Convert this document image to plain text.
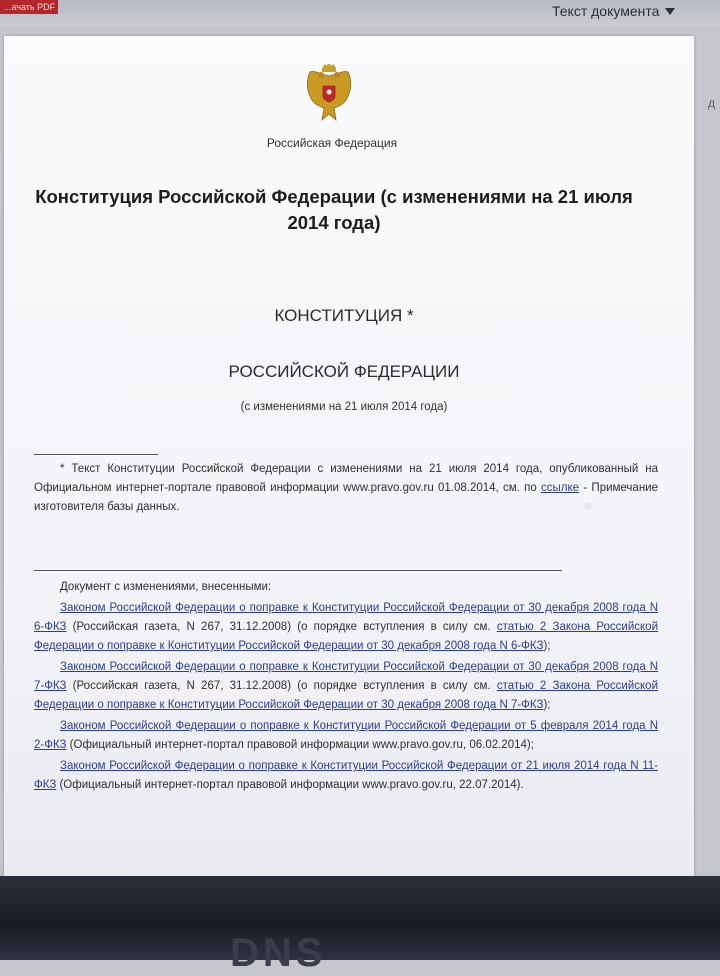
...ачать PDF	Текст документа
д
Российская Федерация
Конституция Российской Федерации (с изменениями на 21 июля 2014 года)
КОНСТИТУЦИЯ *
РОССИЙСКОЙ ФЕДЕРАЦИИ
(с изменениями на 21 июля 2014 года)
* Текст Конституции Российской Федерации с изменениями на 21 июля 2014 года, опубликованный на Официальном интернет-портале правовой информации www.pravo.gov.ru 01.08.2014, см. по ссылке - Примечание изготовителя базы данных.
Документ с изменениями, внесенными:
Законом Российской Федерации о поправке к Конституции Российской Федерации от 30 декабря 2008 года N 6-ФКЗ (Российская газета, N 267, 31.12.2008) (о порядке вступления в силу см. статью 2 Закона Российской Федерации о поправке к Конституции Российской Федерации от 30 декабря 2008 года N 6-ФКЗ);
Законом Российской Федерации о поправке к Конституции Российской Федерации от 30 декабря 2008 года N 7-ФКЗ (Российская газета, N 267, 31.12.2008) (о порядке вступления в силу см. статью 2 Закона Российской Федерации о поправке к Конституции Российской Федерации от 30 декабря 2008 года N 7-ФКЗ);
Законом Российской Федерации о поправке к Конституции Российской Федерации от 5 февраля 2014 года N 2-ФКЗ (Официальный интернет-портал правовой информации www.pravo.gov.ru, 06.02.2014);
Законом Российской Федерации о поправке к Конституции Российской Федерации от 21 июля 2014 года N 11-ФКЗ (Официальный интернет-портал правовой информации www.pravo.gov.ru, 22.07.2014).
DNS
